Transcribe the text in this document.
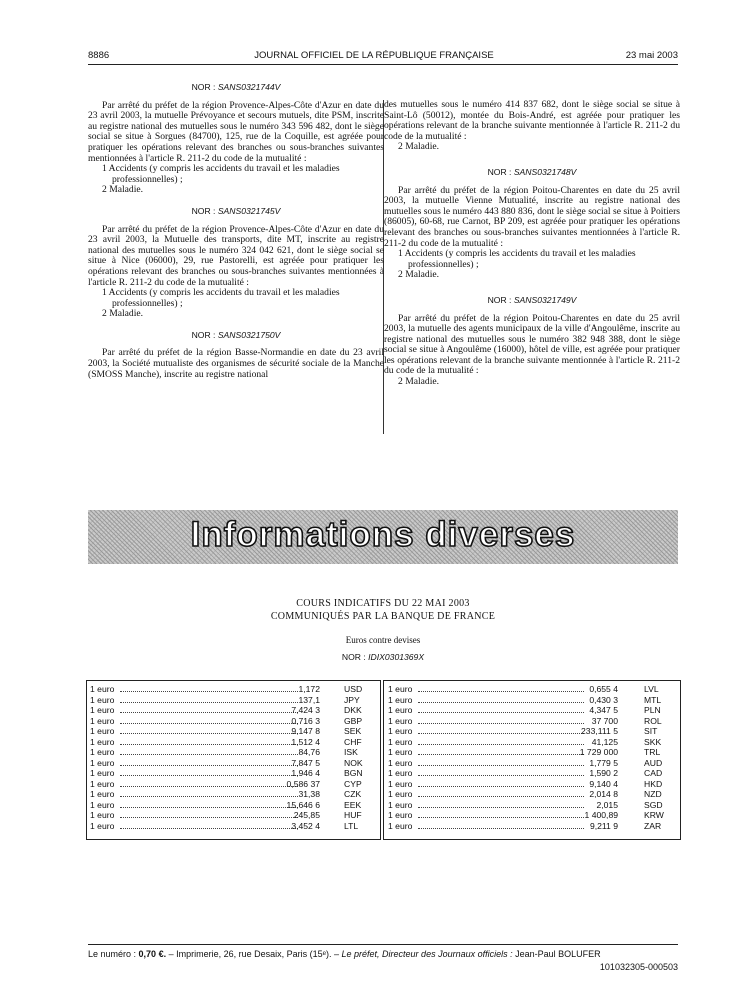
8886	JOURNAL OFFICIEL DE LA RÉPUBLIQUE FRANÇAISE	23 mai 2003
NOR : SANS0321744V

Par arrêté du préfet de la région Provence-Alpes-Côte d'Azur en date du 23 avril 2003, la mutuelle Prévoyance et secours mutuels, dite PSM, inscrite au registre national des mutuelles sous le numéro 343 596 482, dont le siège social se situe à Sorgues (84700), 125, rue de la Coquille, est agréée pour pratiquer les opérations relevant des branches ou sous-branches suivantes mentionnées à l'article R. 211-2 du code de la mutualité :

1 Accidents (y compris les accidents du travail et les maladies professionnelles) ;
2 Maladie.
NOR : SANS0321745V

Par arrêté du préfet de la région Provence-Alpes-Côte d'Azur en date du 23 avril 2003, la Mutuelle des transports, dite MT, inscrite au registre national des mutuelles sous le numéro 324 042 621, dont le siège social se situe à Nice (06000), 29, rue Pastorelli, est agréée pour pratiquer les opérations relevant des branches ou sous-branches suivantes mentionnées à l'article R. 211-2 du code de la mutualité :

1 Accidents (y compris les accidents du travail et les maladies professionnelles) ;
2 Maladie.
NOR : SANS0321750V

Par arrêté du préfet de la région Basse-Normandie en date du 23 avril 2003, la Société mutualiste des organismes de sécurité sociale de la Manche (SMOSS Manche), inscrite au registre national

des mutuelles sous le numéro 414 837 682, dont le siège social se situe à Saint-Lô (50012), montée du Bois-André, est agréée pour pratiquer les opérations relevant de la branche suivante mentionnée à l'article R. 211-2 du code de la mutualité :

2 Maladie.
NOR : SANS0321748V

Par arrêté du préfet de la région Poitou-Charentes en date du 25 avril 2003, la mutuelle Vienne Mutualité, inscrite au registre national des mutuelles sous le numéro 443 880 836, dont le siège social se situe à Poitiers (86005), 60-68, rue Carnot, BP 209, est agréée pour pratiquer les opérations relevant des branches ou sous-branches suivantes mentionnées à l'article R. 211-2 du code de la mutualité :

1 Accidents (y compris les accidents du travail et les maladies professionnelles) ;
2 Maladie.
NOR : SANS0321749V

Par arrêté du préfet de la région Poitou-Charentes en date du 25 avril 2003, la mutuelle des agents municipaux de la ville d'Angoulême, inscrite au registre national des mutuelles sous le numéro 382 948 388, dont le siège social se situe à Angoulême (16000), hôtel de ville, est agréée pour pratiquer les opérations relevant de la branche suivante mentionnée à l'article R. 211-2 du code de la mutualité :

2 Maladie.
Informations diverses
COURS INDICATIFS DU 22 MAI 2003
COMMUNIQUÉS PAR LA BANQUE DE FRANCE
Euros contre devises
NOR : IDIX0301369X
1 euro	1,172	USD
1 euro	137,1	JPY
1 euro	7,424 3	DKK
1 euro	0,716 3	GBP
1 euro	9,147 8	SEK
1 euro	1,512 4	CHF
1 euro	84,76	ISK
1 euro	7,847 5	NOK
1 euro	1,946 4	BGN
1 euro	0,586 37	CYP
1 euro	31,38	CZK
1 euro	15,646 6	EEK
1 euro	245,85	HUF
1 euro	3,452 4	LTL
1 euro	0,655 4	LVL
1 euro	0,430 3	MTL
1 euro	4,347 5	PLN
1 euro	37 700	ROL
1 euro	233,111 5	SIT
1 euro	41,125	SKK
1 euro	1 729 000	TRL
1 euro	1,779 5	AUD
1 euro	1,590 2	CAD
1 euro	9,140 4	HKD
1 euro	2,014 8	NZD
1 euro	2,015	SGD
1 euro	1 400,89	KRW
1 euro	9,211 9	ZAR
Le numéro : 0,70 €. – Imprimerie, 26, rue Desaix, Paris (15ᵉ). – Le préfet, Directeur des Journaux officiels : Jean-Paul BOLUFER
101032305-000503
